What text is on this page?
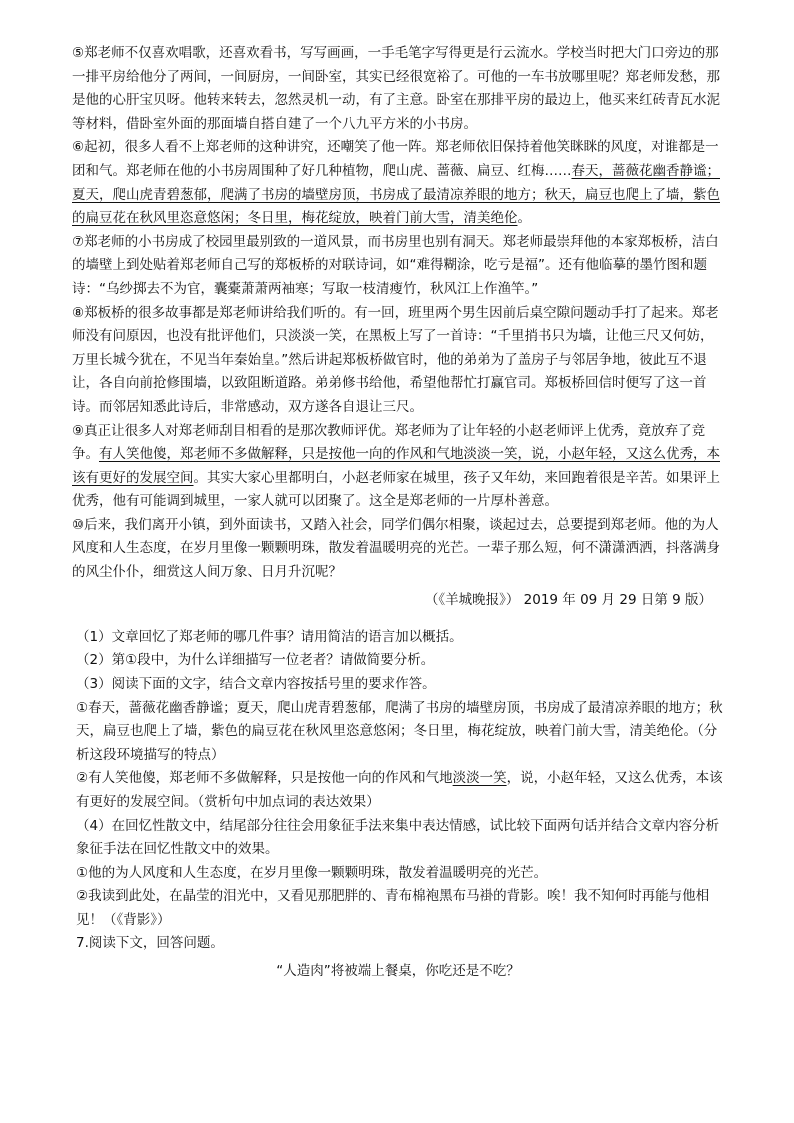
⑤郑老师不仅喜欢唱歌，还喜欢看书，写写画画，一手毛笔字写得更是行云流水。学校当时把大门口旁边的那一排平房给他分了两间，一间厨房，一间卧室，其实已经很宽裕了。可他的一车书放哪里呢？郑老师发愁，那是他的心肝宝贝呀。他转来转去，忽然灵机一动，有了主意。卧室在那排平房的最边上，他买来红砖青瓦水泥等材料，借卧室外面的那面墙自搭自建了一个八九平方米的小书房。

⑥起初，很多人看不上郑老师的这种讲究，还嘲笑了他一阵。郑老师依旧保持着他笑眯眯的风度，对谁都是一团和气。郑老师在他的小书房周围种了好几种植物，爬山虎、蔷薇、扁豆、红梅……春天，蔷薇花幽香静谧；夏天，爬山虎青碧葱郁，爬满了书房的墙壁房顶，书房成了最清凉养眼的地方；秋天，扁豆也爬上了墙，紫色的扁豆花在秋风里恣意悠闲；冬日里，梅花绽放，映着门前大雪，清美绝伦。

⑦郑老师的小书房成了校园里最别致的一道风景，而书房里也别有洞天。郑老师最崇拜他的本家郑板桥，洁白的墙壁上到处贴着郑老师自己写的郑板桥的对联诗词，如“难得糊涂，吃亏是福”。还有他临摹的墨竹图和题诗：“乌纱掷去不为官，囊橐萧萧两袖寒；写取一枝清瘦竹，秋风江上作渔竿。”

⑧郑板桥的很多故事都是郑老师讲给我们听的。有一回，班里两个男生因前后桌空隙问题动手打了起来。郑老师没有问原因，也没有批评他们，只淡淡一笑，在黑板上写了一首诗：“千里捎书只为墙，让他三尺又何妨，万里长城今犹在，不见当年秦始皇。”然后讲起郑板桥做官时，他的弟弟为了盖房子与邻居争地，彼此互不退让，各自向前抢修围墙，以致阻断道路。弟弟修书给他，希望他帮忙打赢官司。郑板桥回信时便写了这一首诗。而邻居知悉此诗后，非常感动，双方遂各自退让三尺。

⑨真正让很多人对郑老师刮目相看的是那次教师评优。郑老师为了让年轻的小赵老师评上优秀，竟放弃了竞争。有人笑他傻，郑老师不多做解释，只是按他一向的作风和气地淡淡一笑，说，小赵年轻，又这么优秀，本该有更好的发展空间。其实大家心里都明白，小赵老师家在城里，孩子又年幼，来回跑着很是辛苦。如果评上优秀，他有可能调到城里，一家人就可以团聚了。这全是郑老师的一片厚朴善意。

⑩后来，我们离开小镇，到外面读书，又踏入社会，同学们偶尔相聚，谈起过去，总要提到郑老师。他的为人风度和人生态度，在岁月里像一颗颗明珠，散发着温暖明亮的光芒。一辈子那么短，何不潇潇洒洒，抖落满身的风尘仆仆，细赏这人间万象、日月升沉呢？

（《羊城晚报》） 2019 年 09 月 29 日第 9 版）

（1）文章回忆了郑老师的哪几件事？请用简洁的语言加以概括。

（2）第①段中，为什么详细描写一位老者？请做简要分析。

（3）阅读下面的文字，结合文章内容按括号里的要求作答。

①春天，蔷薇花幽香静谧；夏天，爬山虎青碧葱郁，爬满了书房的墙壁房顶，书房成了最清凉养眼的地方；秋天，扁豆也爬上了墙，紫色的扁豆花在秋风里恣意悠闲；冬日里，梅花绽放，映着门前大雪，清美绝伦。（分析这段环境描写的特点）

②有人笑他傻，郑老师不多做解释，只是按他一向的作风和气地淡淡一笑，说，小赵年轻，又这么优秀，本该有更好的发展空间。（赏析句中加点词的表达效果）

（4）在回忆性散文中，结尾部分往往会用象征手法来集中表达情感，试比较下面两句话并结合文章内容分析象征手法在回忆性散文中的效果。

①他的为人风度和人生态度，在岁月里像一颗颗明珠，散发着温暖明亮的光芒。

②我读到此处，在晶莹的泪光中，又看见那肥胖的、青布棉袍黑布马褂的背影。唉！我不知何时再能与他相见！（《背影》）

7.阅读下文，回答问题。

“人造肉”将被端上餐桌，你吃还是不吃？
